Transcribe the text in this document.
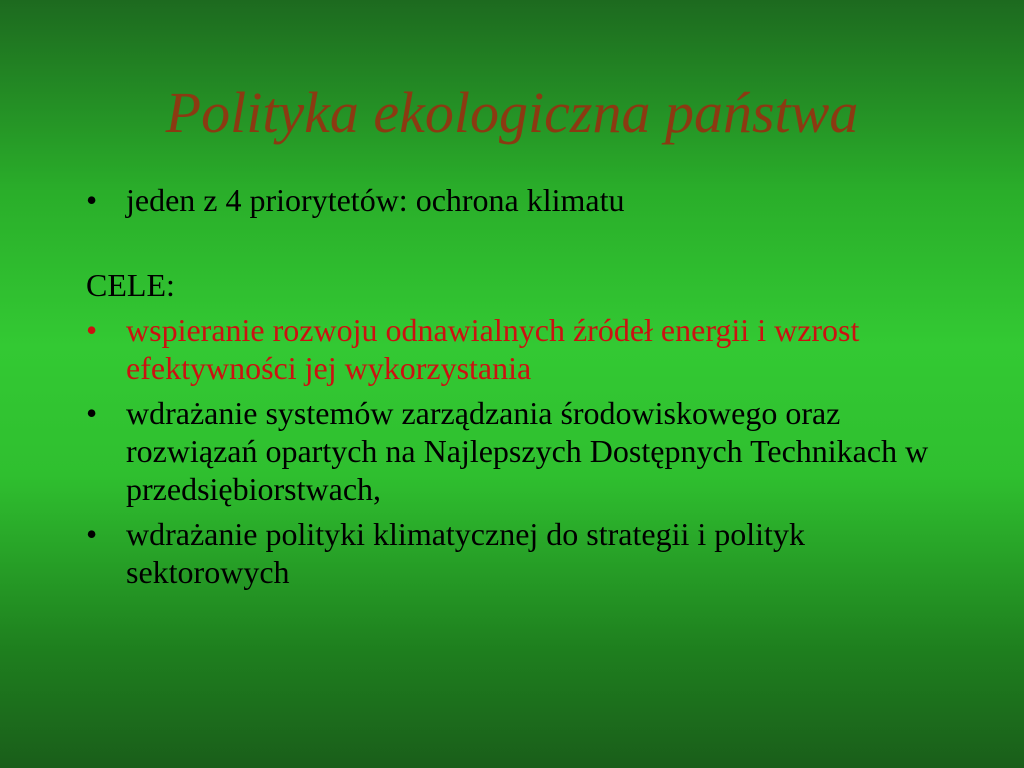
Polityka ekologiczna państwa
• jeden z 4 priorytetów: ochrona klimatu
CELE:
• wspieranie rozwoju odnawialnych źródeł energii i wzrost efektywności jej wykorzystania
• wdrażanie systemów zarządzania środowiskowego oraz rozwiązań opartych na Najlepszych Dostępnych Technikach w przedsiębiorstwach,
• wdrażanie polityki klimatycznej do strategii i polityk sektorowych
